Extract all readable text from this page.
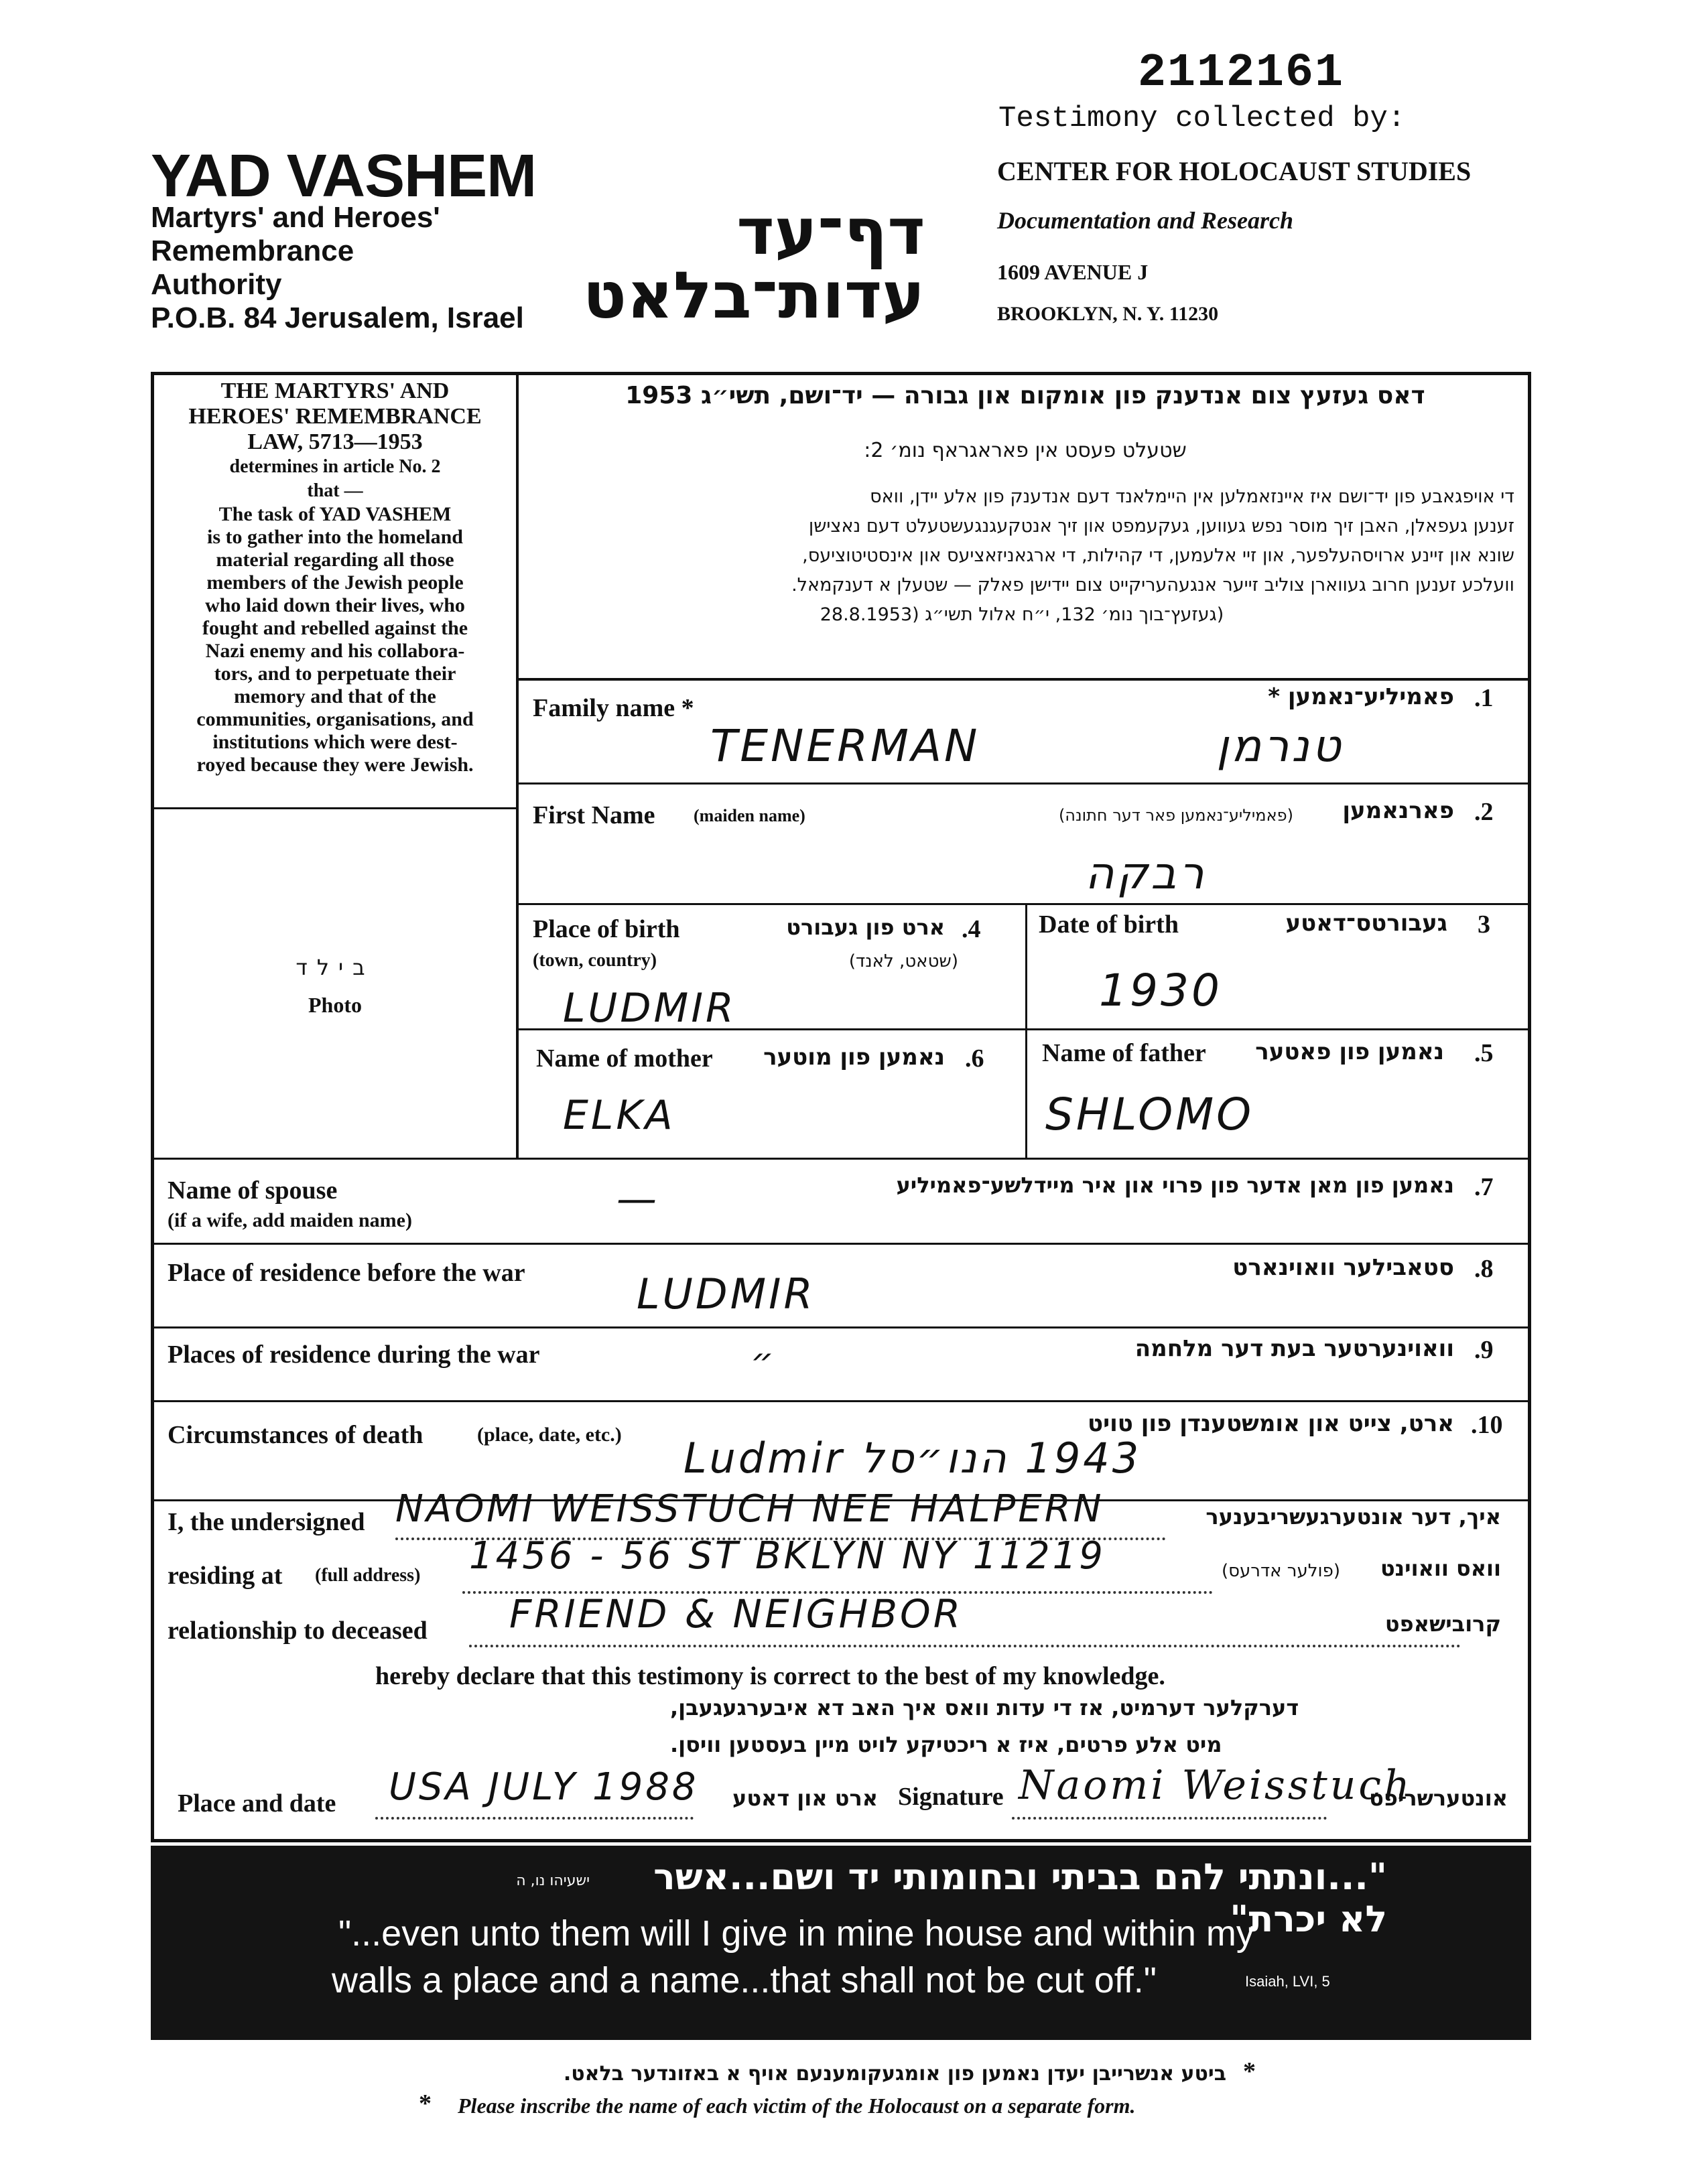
2112161
Testimony collected by:
CENTER FOR HOLOCAUST STUDIES
Documentation and Research
1609 AVENUE J
BROOKLYN, N. Y. 11230
YAD VASHEM
Martyrs' and Heroes'
Remembrance
Authority
P.O.B. 84 Jerusalem, Israel
דף־עד
עדות־בלאט
THE MARTYRS' AND
HEROES' REMEMBRANCE
LAW, 5713—1953
determines in article No. 2
that —
The task of YAD VASHEM
is to gather into the homeland
material regarding all those
members of the Jewish people
who laid down their lives, who
fought and rebelled against the
Nazi enemy and his collabora-
tors, and to perpetuate their
memory and that of the
communities, organisations, and
institutions which were dest-
royed because they were Jewish.
בילד
Photo
דאס געזעץ צום אנדענק פון אומקום און גבורה — יד־ושם, תשי״ג 1953
שטעלט פעסט אין פאראגראף נומ׳ 2:
די אויפגאבע פון יד־ושם איז איינזאמלען אין היימלאנד דעם אנדענק פון אלע יידן, וואס
זענען געפאלן, האבן זיך מוסר נפש געווען, געקעמפט און זיך אנטקעגנגעשטעלט דעם נאצישן
שונא און זיינע ארויסהעלפער, און זיי אלעמען, די קהילות, די ארגאניזאציעס און אינסטיטוציעס,
וועלכע זענען חרוב געווארן צוליב זייער אנגעהעריקייט צום יידישן פאלק — שטעלן א דענקמאל.
(געזעץ־בוך נומ׳ 132, י״ח אלול תשי״ג (28.8.1953
Family name *	פאמיליע־נאמען * .1
TENERMAN	טנרמן
First Name (maiden name)	(פאמיליע־נאמען פאר דער חתונה)	פארנאמען .2
רבקה
Place of birth
(town, country)
ארט פון געבורט .4
(שטאט, לאנד)
LUDMIR
Date of birth	געבורטס־דאטע 3
1930
Name of mother	נאמען פון מוטער .6
ELKA
Name of father	נאמען פון פאטער .5
SHLOMO
Name of spouse
(if a wife, add maiden name)
נאמען פון מאן אדער פון פרוי און איר מיידלשע־פאמיליע .7
—
Place of residence before the war	סטאבילער וואוינארט .8
LUDMIR
Places of residence during the war	וואוינערטער בעת דער מלחמה .9
״
Circumstances of death	(place, date, etc.)	ארט, צייט און אומשטענדן פון טויט .10
1943 הנו״סל Ludmir
I, the undersigned NAOMI WEISSTUCH NEE HALPERN	איך, דער אונטערגעשריבענער
residing at (full address) 1456 - 56 ST BKLYN NY 11219	(פולער אדרעס)	וואס וואוינט
relationship to deceased FRIEND & NEIGHBOR	קרובישאפט
hereby declare that this testimony is correct to the best of my knowledge.
דערקלער דערמיט, אז די עדות וואס איך האב דא איבערגעגעבן,
מיט אלע פרטים, איז א ריכטיקע לויט מיין בעסטען וויסן.
Place and date USA JULY 1988	ארט און דאטע Signature Naomi Weisstuch
אונטערשריפט
"...ונתתי להם בביתי ובחומותי יד ושם...אשר לא יכרת"
ישעיהו נו, ה
"...even unto them will I give in mine house and within my
walls a place and a name...that shall not be cut off."	Isaiah, LVI, 5
*
ביטע אנשרייבן יעדן נאמען פון אומגעקומענעם אויף א באזונדער בלאט.
* Please inscribe the name of each victim of the Holocaust on a separate form.
